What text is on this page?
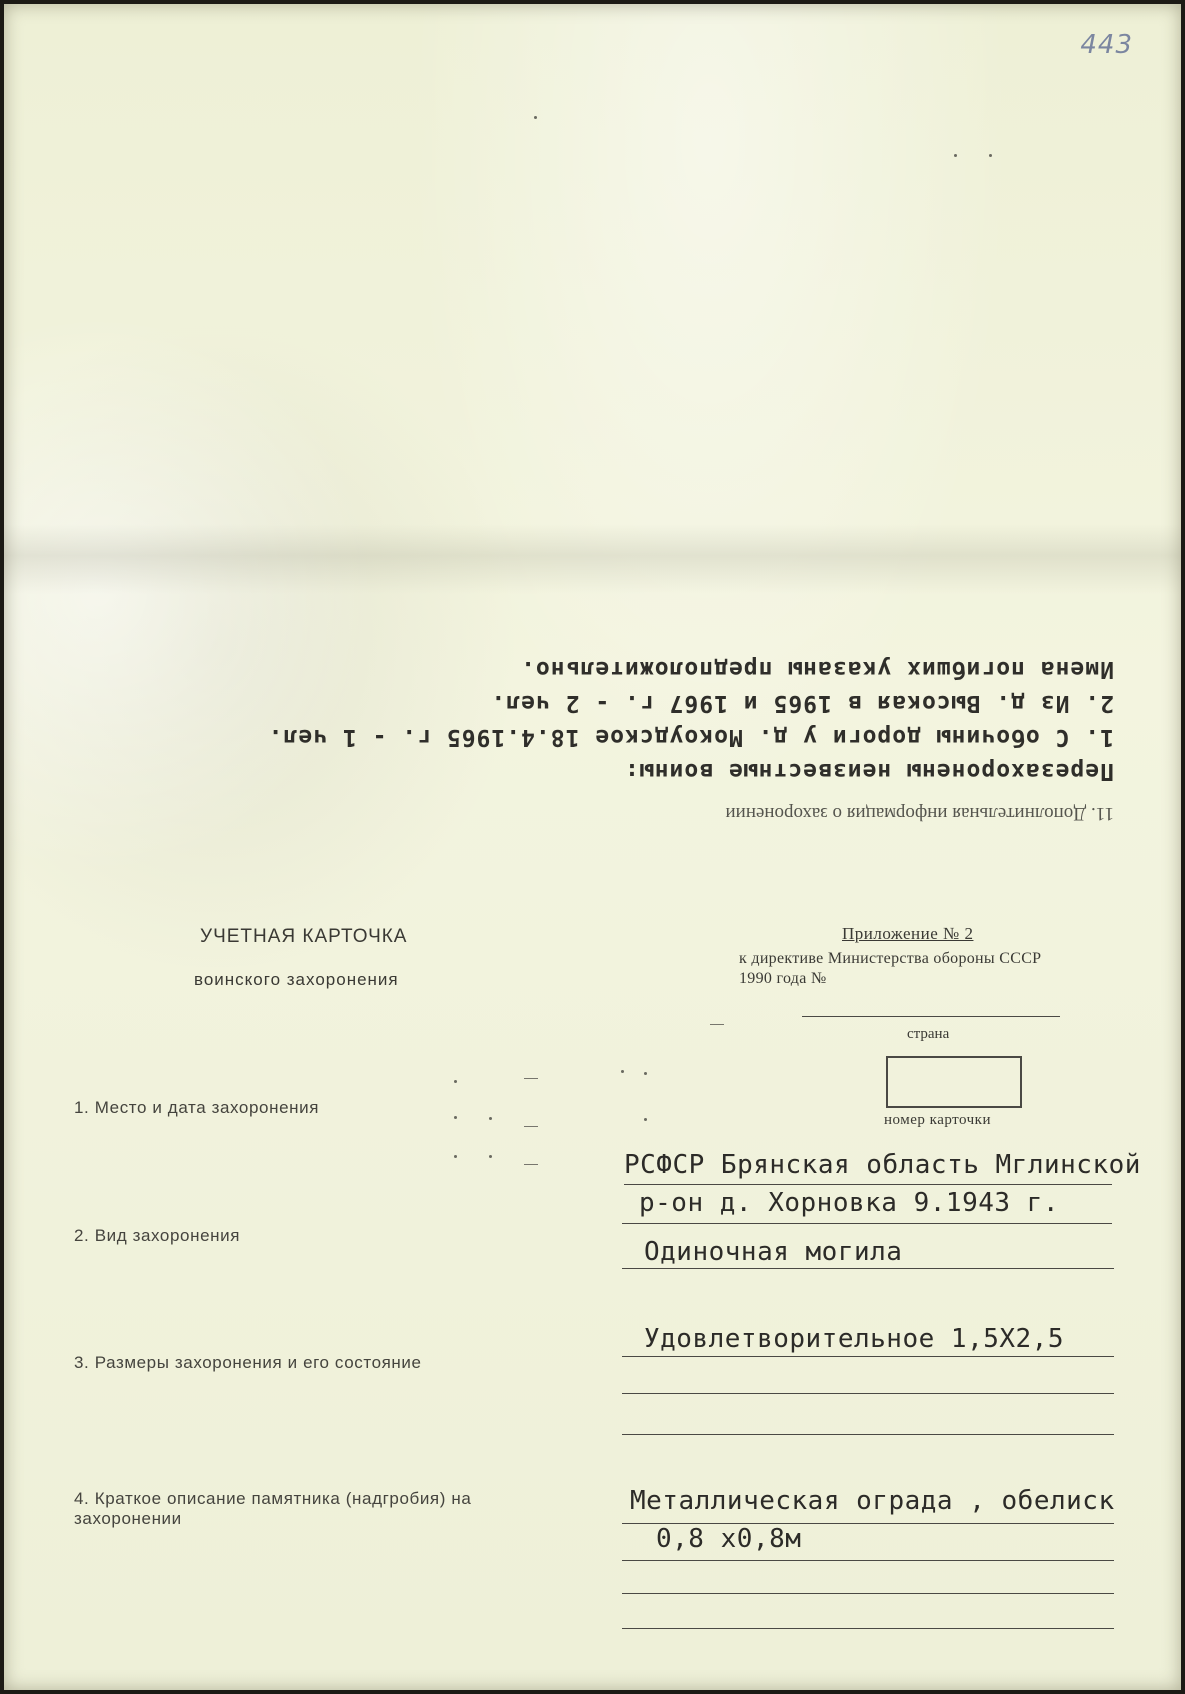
443
11. Дополнительная информация о захоронении
Перезахоронены неизвестные воины:
1. С обочины дороги у д. Мокоудское 18.4.1965 г. - 1 чел.
2. Из д. Высокая в 1965 и 1967 г. - 2 чел.
Имена погибших указаны предположительно.
УЧЕТНАЯ КАРТОЧКА
воинского захоронения
Приложение № 2
к директиве Министерства обороны СССР
1990 года №
страна
номер карточки
1. Место и дата захоронения
РСФСР Брянская область Мглинской
р-он д. Хорновка 9.1943 г.
2. Вид захоронения
Одиночная могила
3. Размеры захоронения и его состояние
Удовлетворительное 1,5Х2,5
4. Краткое описание памятника (надгробия) на захоронении
Металлическая ограда , обелиск
0,8 х0,8м
